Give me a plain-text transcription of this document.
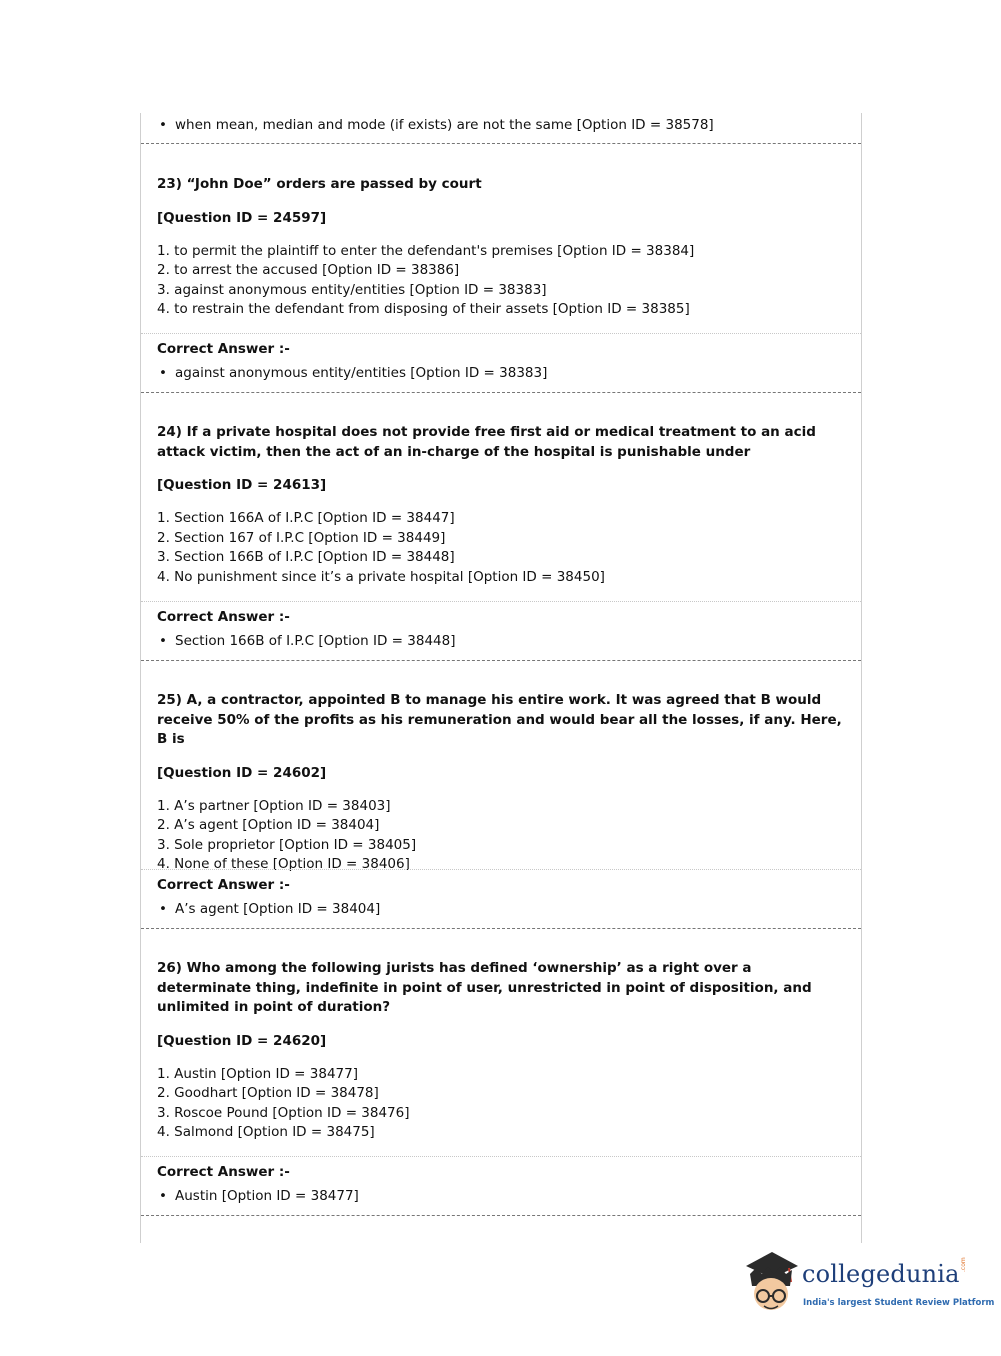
• when mean, median and mode (if exists) are not the same [Option ID = 38578]

23) “John Doe” orders are passed by court

[Question ID = 24597]

1. to permit the plaintiff to enter the defendant's premises [Option ID = 38384]
2. to arrest the accused [Option ID = 38386]
3. against anonymous entity/entities [Option ID = 38383]
4. to restrain the defendant from disposing of their assets [Option ID = 38385]

Correct Answer :-

• against anonymous entity/entities [Option ID = 38383]

24) If a private hospital does not provide free first aid or medical treatment to an acid attack victim, then the act of an in-charge of the hospital is punishable under

[Question ID = 24613]

1. Section 166A of I.P.C [Option ID = 38447]
2. Section 167 of I.P.C [Option ID = 38449]
3. Section 166B of I.P.C [Option ID = 38448]
4. No punishment since it’s a private hospital [Option ID = 38450]

Correct Answer :-

• Section 166B of I.P.C [Option ID = 38448]

25) A, a contractor, appointed B to manage his entire work. It was agreed that B would receive 50% of the profits as his remuneration and would bear all the losses, if any. Here, B is

[Question ID = 24602]

1. A’s partner [Option ID = 38403]
2. A’s agent [Option ID = 38404]
3. Sole proprietor [Option ID = 38405]
4. None of these [Option ID = 38406]

Correct Answer :-

• A’s agent [Option ID = 38404]

26) Who among the following jurists has defined ‘ownership’ as a right over a determinate thing, indefinite in point of user, unrestricted in point of disposition, and unlimited in point of duration?

[Question ID = 24620]

1. Austin [Option ID = 38477]
2. Goodhart [Option ID = 38478]
3. Roscoe Pound [Option ID = 38476]
4. Salmond [Option ID = 38475]

Correct Answer :-

• Austin [Option ID = 38477]
collegedunia .com
India's largest Student Review Platform
